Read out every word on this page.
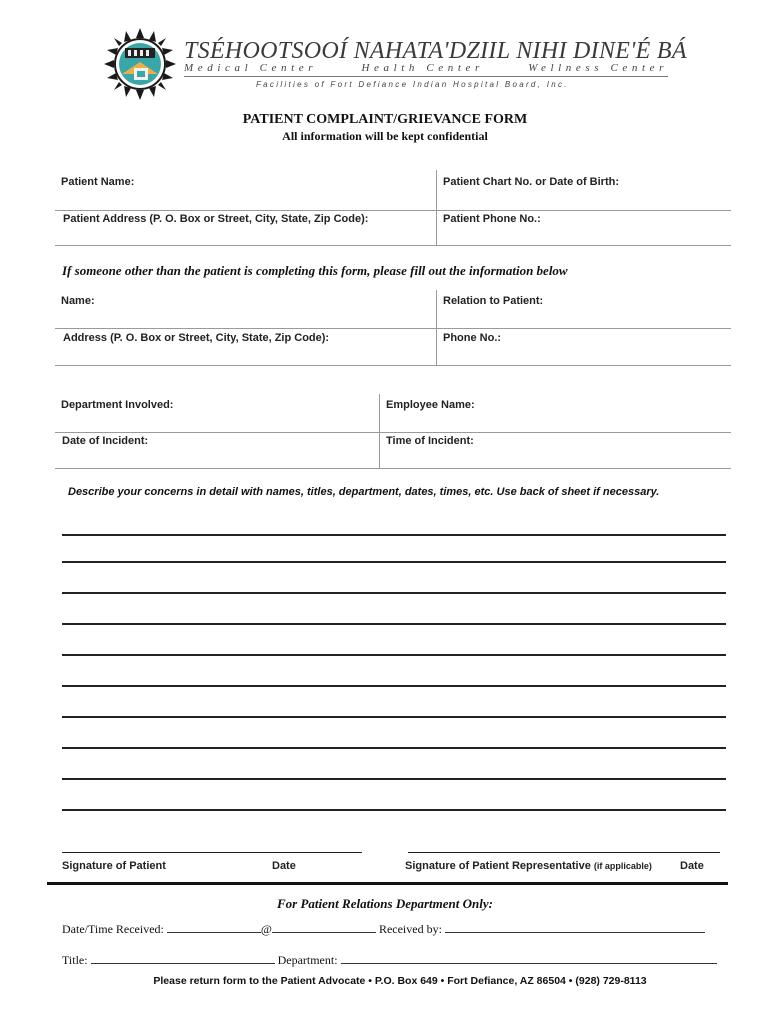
TSÉHOOTSOOÍ NAHATA'DZIIL NIHI DINE'É BÁ
Medical Center	Health Center	Wellness Center
Facilities of Fort Defiance Indian Hospital Board, Inc.
PATIENT COMPLAINT/GRIEVANCE FORM
All information will be kept confidential
Patient Name:	Patient Chart No. or Date of Birth:
Patient Address (P. O. Box or Street, City, State, Zip Code):	Patient Phone No.:
If someone other than the patient is completing this form, please fill out the information below
Name:	Relation to Patient:
Address (P. O. Box or Street, City, State, Zip Code):	Phone No.:
Department Involved:	Employee Name:
Date of Incident:	Time of Incident:
Describe your concerns in detail with names, titles, department, dates, times, etc. Use back of sheet if necessary.
Signature of Patient	Date	Signature of Patient Representative (if applicable)	Date
For Patient Relations Department Only:
Date/Time Received:	@	Received by:
Title:	Department:
Please return form to the Patient Advocate • P.O. Box 649 • Fort Defiance, AZ 86504 • (928) 729-8113
